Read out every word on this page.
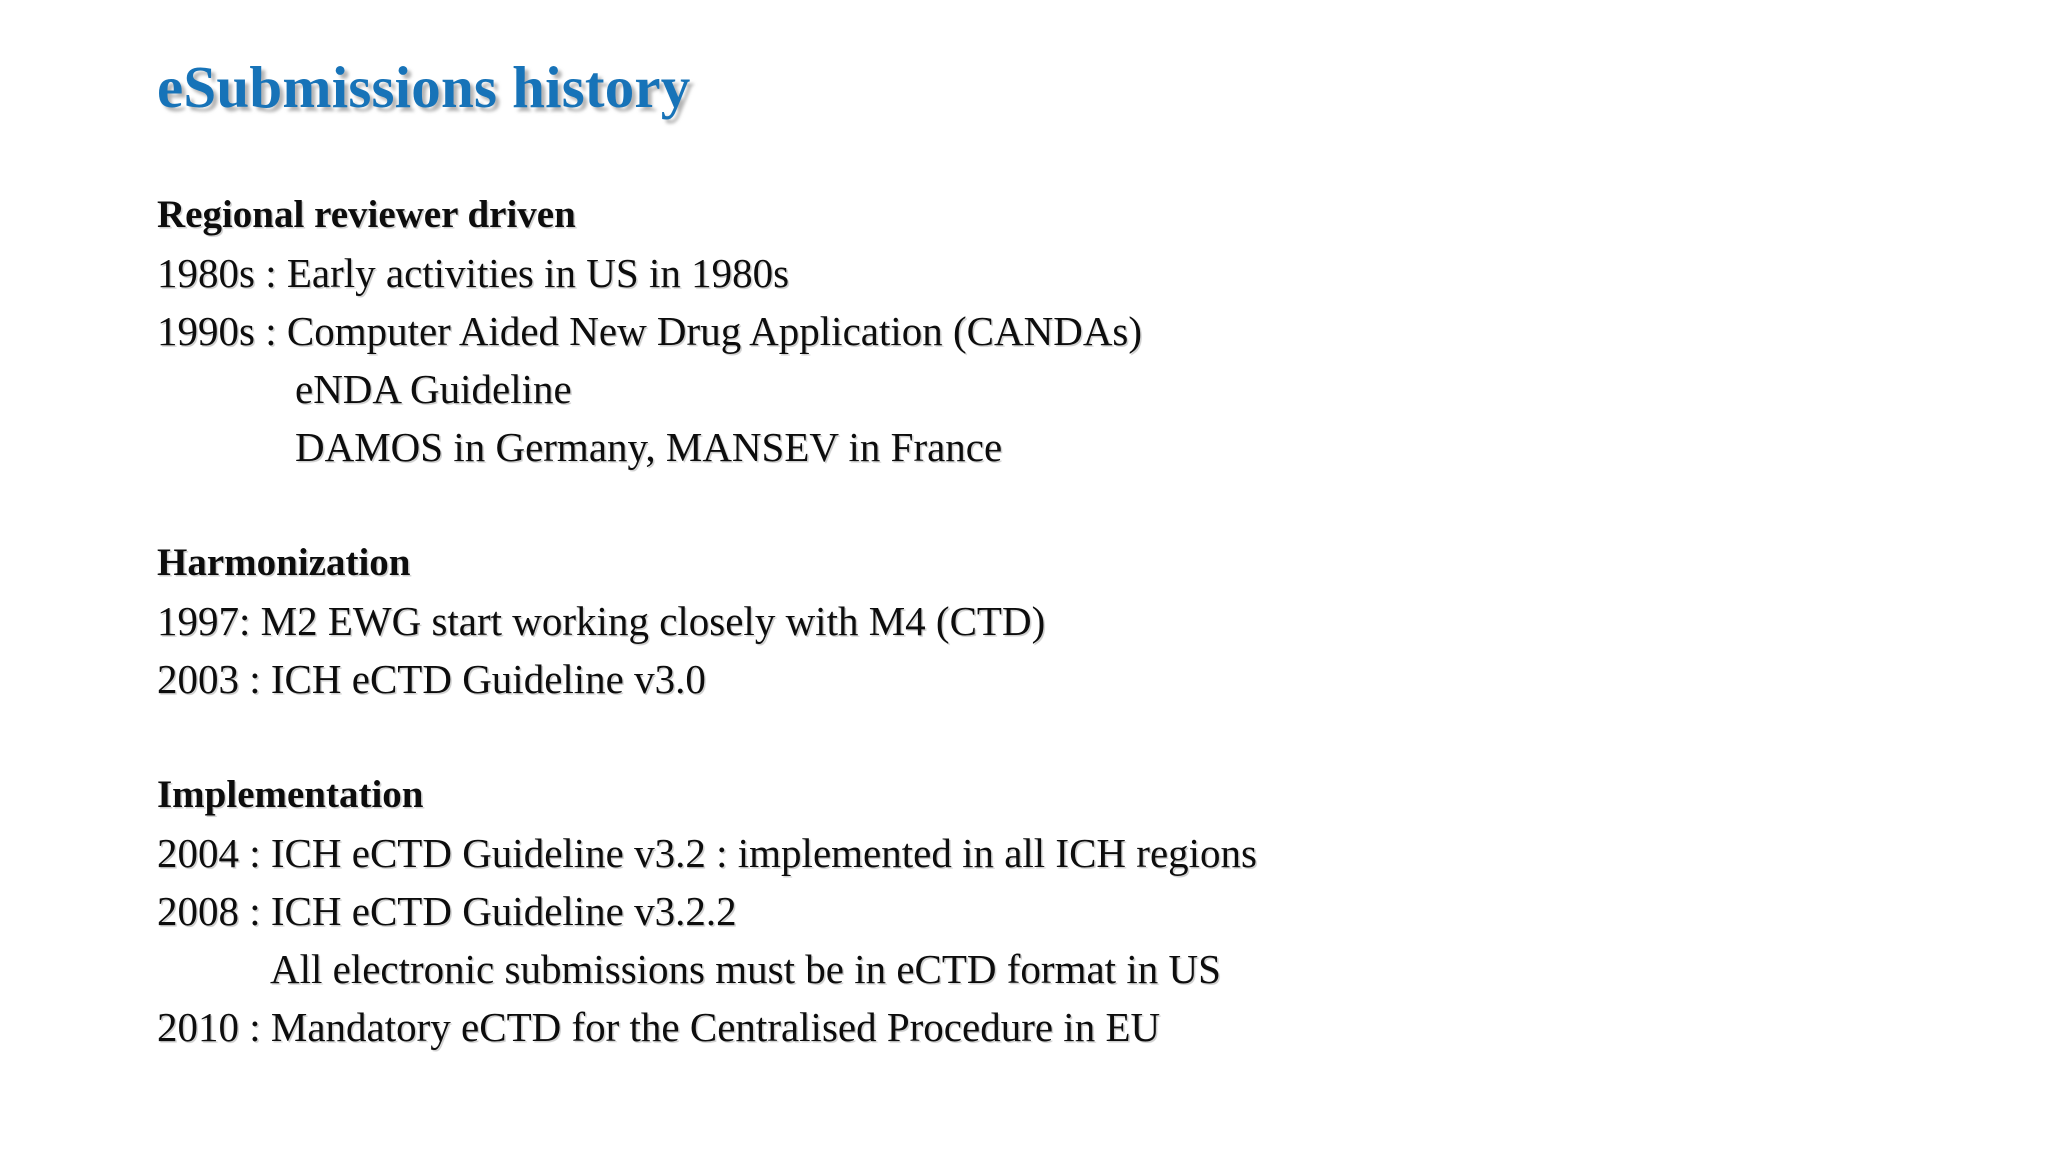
eSubmissions history
Regional reviewer driven
1980s : Early activities in US in 1980s
1990s : Computer Aided New Drug Application (CANDAs)
eNDA Guideline
DAMOS in Germany, MANSEV in France
Harmonization
1997: M2 EWG start working closely with M4 (CTD)
2003 : ICH eCTD Guideline v3.0
Implementation
2004 : ICH eCTD Guideline v3.2 : implemented in all ICH regions
2008 : ICH eCTD Guideline v3.2.2
All electronic submissions must be in eCTD format in US
2010 : Mandatory eCTD for the Centralised Procedure in EU
